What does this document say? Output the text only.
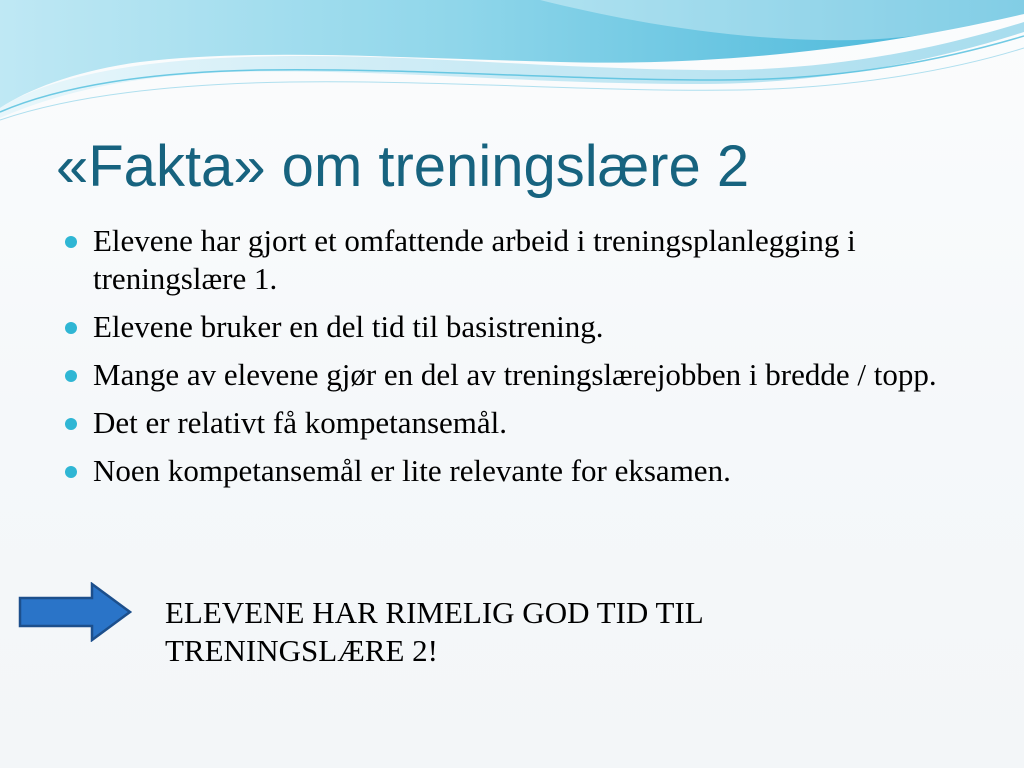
«Fakta» om treningslære 2
Elevene har gjort et omfattende arbeid i treningsplanlegging i treningslære 1.
Elevene bruker en del tid til basistrening.
Mange av elevene gjør en del av treningslærejobben i bredde / topp.
Det er relativt få kompetansemål.
Noen kompetansemål er lite relevante for eksamen.

ELEVENE HAR RIMELIG GOD TID TIL
TRENINGSLÆRE 2!
